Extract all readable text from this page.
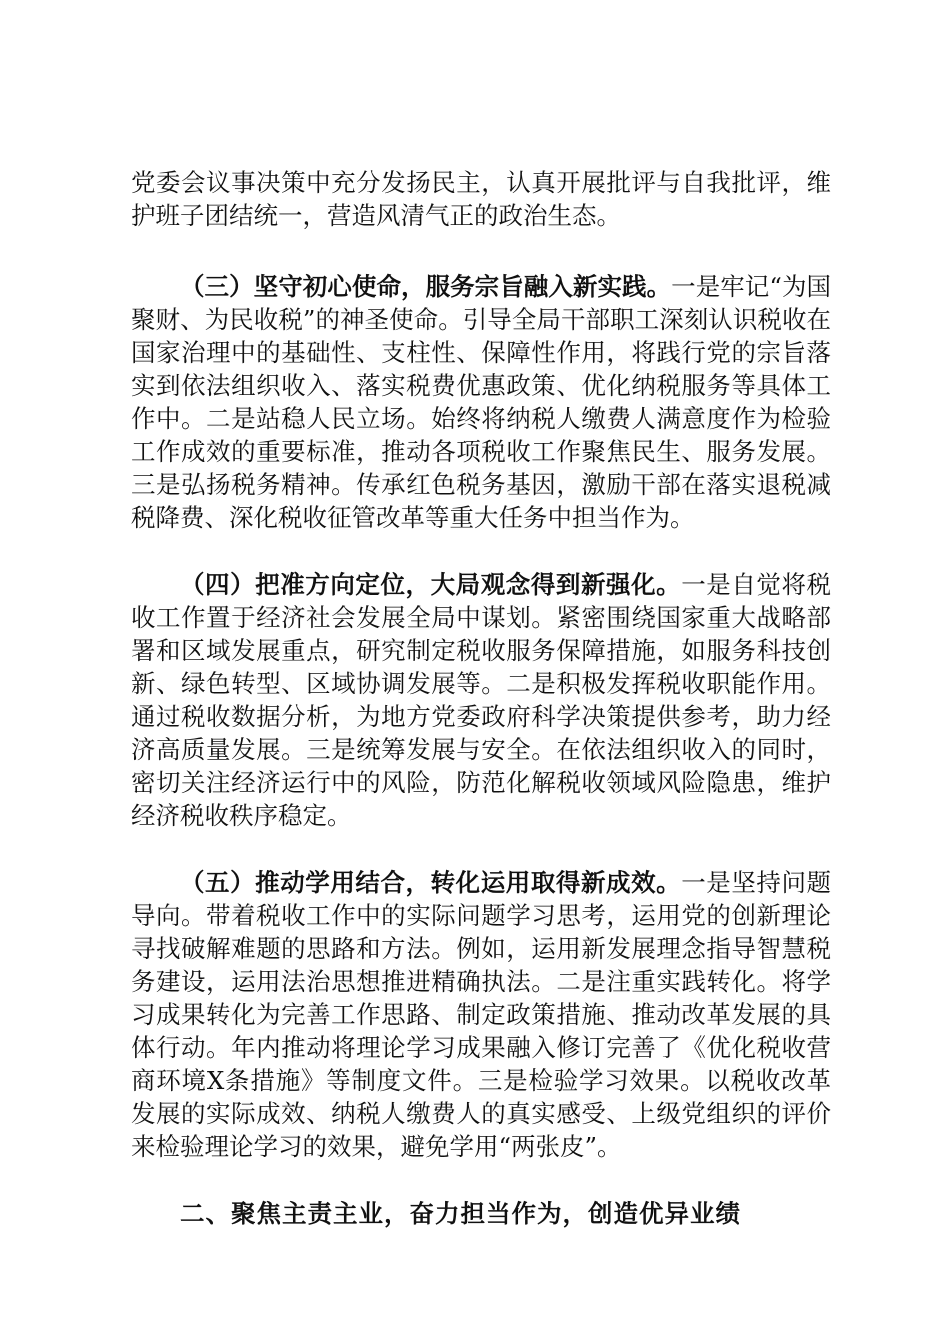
党委会议事决策中充分发扬民主，认真开展批评与自我批评，维护班子团结统一，营造风清气正的政治生态。

（三）坚守初心使命，服务宗旨融入新实践。一是牢记“为国聚财、为民收税”的神圣使命。引导全局干部职工深刻认识税收在国家治理中的基础性、支柱性、保障性作用，将践行党的宗旨落实到依法组织收入、落实税费优惠政策、优化纳税服务等具体工作中。二是站稳人民立场。始终将纳税人缴费人满意度作为检验工作成效的重要标准，推动各项税收工作聚焦民生、服务发展。三是弘扬税务精神。传承红色税务基因，激励干部在落实退税减税降费、深化税收征管改革等重大任务中担当作为。

（四）把准方向定位，大局观念得到新强化。一是自觉将税收工作置于经济社会发展全局中谋划。紧密围绕国家重大战略部署和区域发展重点，研究制定税收服务保障措施，如服务科技创新、绿色转型、区域协调发展等。二是积极发挥税收职能作用。通过税收数据分析，为地方党委政府科学决策提供参考，助力经济高质量发展。三是统筹发展与安全。在依法组织收入的同时，密切关注经济运行中的风险，防范化解税收领域风险隐患，维护经济税收秩序稳定。

（五）推动学用结合，转化运用取得新成效。一是坚持问题导向。带着税收工作中的实际问题学习思考，运用党的创新理论寻找破解难题的思路和方法。例如，运用新发展理念指导智慧税务建设，运用法治思想推进精确执法。二是注重实践转化。将学习成果转化为完善工作思路、制定政策措施、推动改革发展的具体行动。年内推动将理论学习成果融入修订完善了《优化税收营商环境X条措施》等制度文件。三是检验学习效果。以税收改革发展的实际成效、纳税人缴费人的真实感受、上级党组织的评价来检验理论学习的效果，避免学用“两张皮”。

二、聚焦主责主业，奋力担当作为，创造优异业绩
